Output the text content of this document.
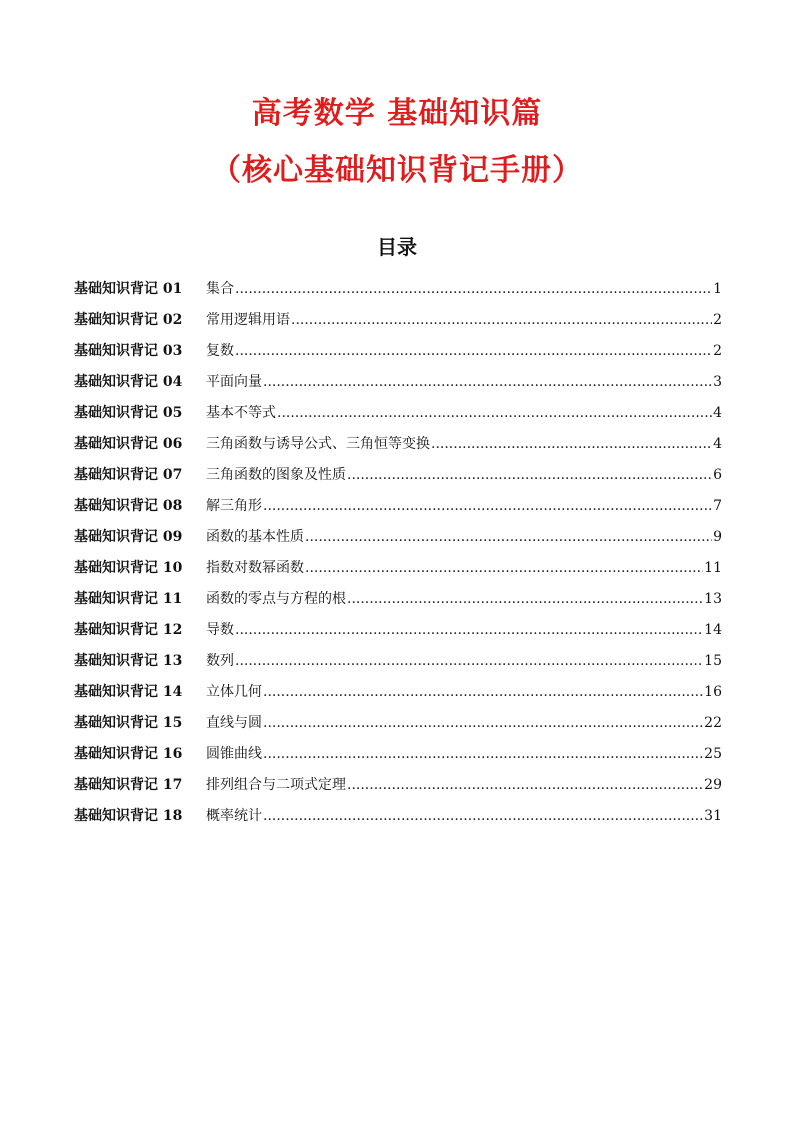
高考数学 基础知识篇
（核心基础知识背记手册）
目录
基础知识背记 01	集合 .....	1
基础知识背记 02	常用逻辑用语 .....	2
基础知识背记 03	复数 .....	2
基础知识背记 04	平面向量 .....	3
基础知识背记 05	基本不等式 .....	4
基础知识背记 06	三角函数与诱导公式、三角恒等变换 .....	4
基础知识背记 07	三角函数的图象及性质 .....	6
基础知识背记 08	解三角形 .....	7
基础知识背记 09	函数的基本性质 .....	9
基础知识背记 10	指数对数幂函数 .....	11
基础知识背记 11	函数的零点与方程的根 .....	13
基础知识背记 12	导数 .....	14
基础知识背记 13	数列 .....	15
基础知识背记 14	立体几何 .....	16
基础知识背记 15	直线与圆 .....	22
基础知识背记 16	圆锥曲线 .....	25
基础知识背记 17	排列组合与二项式定理 .....	29
基础知识背记 18	概率统计 .....	31
